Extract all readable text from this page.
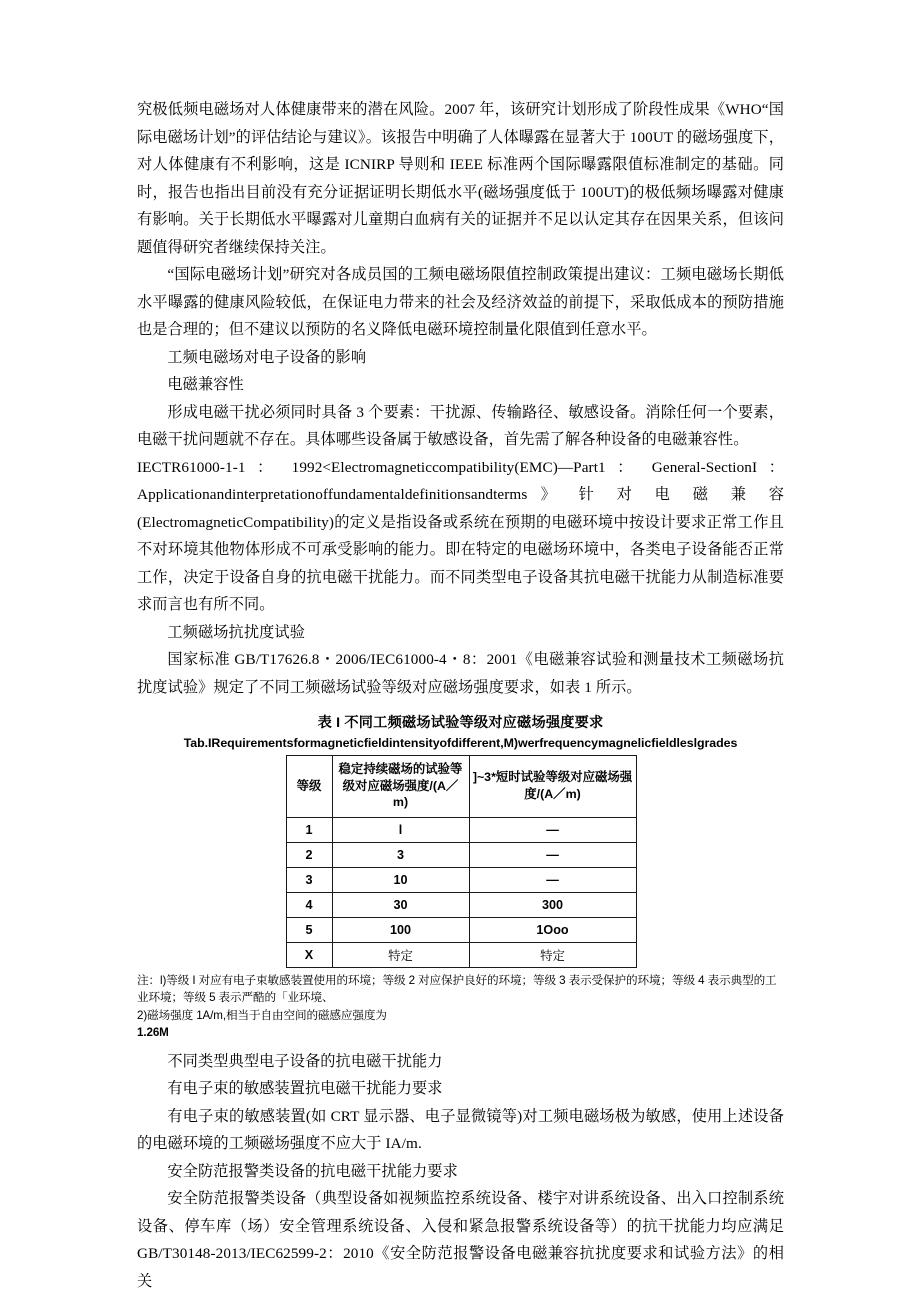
究极低频电磁场对人体健康带来的潜在风险。2007 年，该研究计划形成了阶段性成果《WHO“国际电磁场计划”的评估结论与建议》。该报告中明确了人体曝露在显著大于 100UT 的磁场强度下，对人体健康有不利影响，这是 ICNIRP 导则和 IEEE 标准两个国际曝露限值标准制定的基础。同时，报告也指出目前没有充分证据证明长期低水平(磁场强度低于 100UT)的极低频场曝露对健康有影响。关于长期低水平曝露对儿童期白血病有关的证据并不足以认定其存在因果关系，但该问题值得研究者继续保持关注。

“国际电磁场计划”研究对各成员国的工频电磁场限值控制政策提出建议：工频电磁场长期低水平曝露的健康风险较低，在保证电力带来的社会及经济效益的前提下，采取低成本的预防措施也是合理的；但不建议以预防的名义降低电磁环境控制量化限值到任意水平。

工频电磁场对电子设备的影响

电磁兼容性

形成电磁干扰必须同时具备 3 个要素：干扰源、传输路径、敏感设备。消除任何一个要素，电磁干扰问题就不存在。具体哪些设备属于敏感设备，首先需了解各种设备的电磁兼容性。

IECTR61000-1-1 ： 1992<Electromagneticcompatibility(EMC)—Part1 ： General-SectionI ：

Applicationandinterpretationoffundamentaldefinitionsandterms 》 针 对 电 磁 兼 容

(ElectromagneticCompatibility)的定义是指设备或系统在预期的电磁环境中按设计要求正常工作且不对环境其他物体形成不可承受影响的能力。即在特定的电磁场环境中，各类电子设备能否正常工作，决定于设备自身的抗电磁干扰能力。而不同类型电子设备其抗电磁干扰能力从制造标准要求而言也有所不同。

工频磁场抗扰度试验

国家标准 GB/T17626.8・2006/IEC61000-4・8：2001《电磁兼容试验和测量技术工频磁场抗扰度试验》规定了不同工频磁场试验等级对应磁场强度要求，如表 1 所示。

表 I 不同工频磁场试验等级对应磁场强度要求

Tab.IRequirementsformagneticfieldintensityofdifferent,M)werfrequencymagnelicfieldleslgrades

等级	稳定持续磁场的试验等级对应磁场强度/(A／m)	]~3*短时试验等级对应磁场强度/(A／m)
1	l	—
2	3	—
3	10	—
4	30	300
5	100	1Ooo
X	特定	特定

注：l)等级 I 对应有电子束敏感装置使用的环境；等级 2 对应保护良好的环境；等级 3 表示受保护的环境；等级 4 表示典型的工业环境；等级 5 表示严酷的「业环境、

2)磁场强度 1A/m,相当于自由空间的磁感应强度为

1.26M

不同类型典型电子设备的抗电磁干扰能力

有电子束的敏感装置抗电磁干扰能力要求

有电子束的敏感装置(如 CRT 显示器、电子显微镜等)对工频电磁场极为敏感，使用上述设备的电磁环境的工频磁场强度不应大于 IA/m.

安全防范报警类设备的抗电磁干扰能力要求

安全防范报警类设备（典型设备如视频监控系统设备、楼宇对讲系统设备、出入口控制系统设备、停车库（场）安全管理系统设备、入侵和紧急报警系统设备等）的抗干扰能力均应满足GB/T30148-2013/IEC62599-2：2010《安全防范报警设备电磁兼容抗扰度要求和试验方法》的相关
